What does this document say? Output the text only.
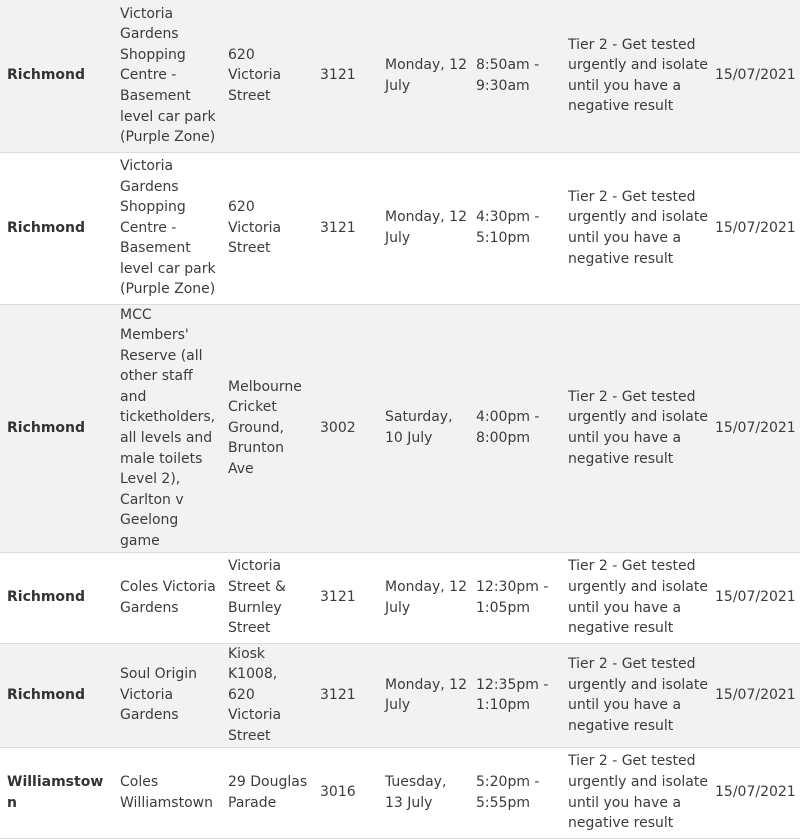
Richmond	Victoria Gardens Shopping Centre - Basement level car park (Purple Zone)	620 Victoria Street	3121	Monday, 12 July	8:50am - 9:30am	Tier 2 - Get tested urgently and isolate until you have a negative result	15/07/2021
Richmond	Victoria Gardens Shopping Centre - Basement level car park (Purple Zone)	620 Victoria Street	3121	Monday, 12 July	4:30pm - 5:10pm	Tier 2 - Get tested urgently and isolate until you have a negative result	15/07/2021
Richmond	MCC Members' Reserve (all other staff and ticketholders, all levels and male toilets Level 2), Carlton v Geelong game	Melbourne Cricket Ground, Brunton Ave	3002	Saturday, 10 July	4:00pm - 8:00pm	Tier 2 - Get tested urgently and isolate until you have a negative result	15/07/2021
Richmond	Coles Victoria Gardens	Victoria Street & Burnley Street	3121	Monday, 12 July	12:30pm - 1:05pm	Tier 2 - Get tested urgently and isolate until you have a negative result	15/07/2021
Richmond	Soul Origin Victoria Gardens	Kiosk K1008, 620 Victoria Street	3121	Monday, 12 July	12:35pm - 1:10pm	Tier 2 - Get tested urgently and isolate until you have a negative result	15/07/2021
Williamstown	Coles Williamstown	29 Douglas Parade	3016	Tuesday, 13 July	5:20pm - 5:55pm	Tier 2 - Get tested urgently and isolate until you have a negative result	15/07/2021
